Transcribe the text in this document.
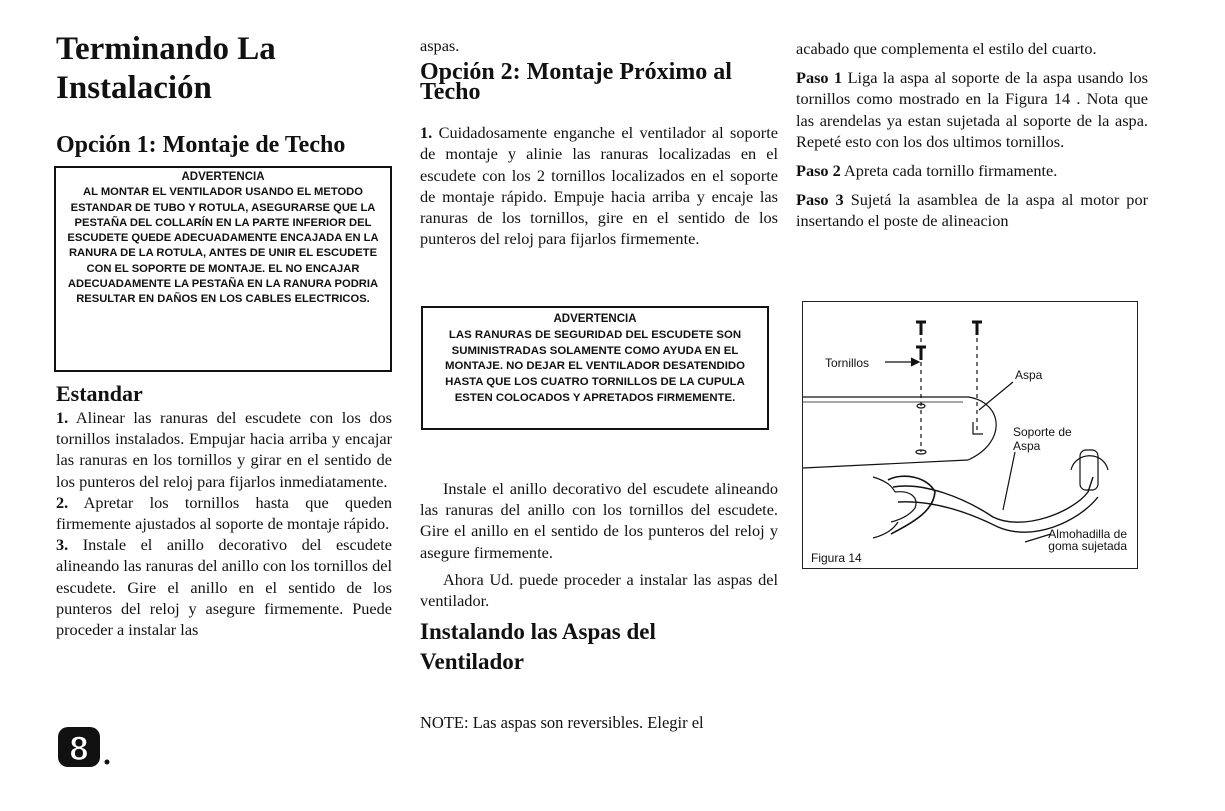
Terminando La Instalación
Opción 1: Montaje de Techo
ADVERTENCIA
AL MONTAR EL VENTILADOR USANDO EL METODO ESTANDAR DE TUBO Y ROTULA, ASEGURARSE QUE LA PESTAÑA DEL COLLARÍN EN LA PARTE INFERIOR DEL ESCUDETE QUEDE ADECUADAMENTE ENCAJADA EN LA RANURA DE LA ROTULA, ANTES DE UNIR EL ESCUDETE CON EL SOPORTE DE MONTAJE. EL NO ENCAJAR ADECUADAMENTE LA PESTAÑA EN LA RANURA PODRIA RESULTAR EN DAÑOS EN LOS CABLES ELECTRICOS.
Estandar

1. Alinear las ranuras del escudete con los dos tornillos instalados. Empujar hacia arriba y encajar las ranuras en los tornillos y girar en el sentido de los punteros del reloj para fijarlos inmediatamente.

2. Apretar los tornillos hasta que queden firmemente ajustados al soporte de montaje rápido.

3. Instale el anillo decorativo del escudete alineando las ranuras del anillo con los tornillos del escudete. Gire el anillo en el sentido de los punteros del reloj y asegure firmemente. Puede proceder a instalar las

8

aspas.

Opción 2: Montaje Próximo al Techo

1. Cuidadosamente enganche el ventilador al soporte de montaje y alinie las ranuras localizadas en el escudete con los 2 tornillos localizados en el soporte de montaje rápido. Empuje hacia arriba y encaje las ranuras de los tornillos, gire en el sentido de los punteros del reloj para fijarlos firmemente.

ADVERTENCIA
LAS RANURAS DE SEGURIDAD DEL ESCUDETE SON SUMINISTRADAS SOLAMENTE COMO AYUDA EN EL MONTAJE. NO DEJAR EL VENTILADOR DESATENDIDO HASTA QUE LOS CUATRO TORNILLOS DE LA CUPULA ESTEN COLOCADOS Y APRETADOS FIRMEMENTE.

Instale el anillo decorativo del escudete alineando las ranuras del anillo con los tornillos del escudete. Gire el anillo en el sentido de los punteros del reloj y asegure firmemente.

Ahora Ud. puede proceder a instalar las aspas del ventilador.

Instalando las Aspas del Ventilador

NOTE: Las aspas son reversibles. Elegir el

acabado que complementa el estilo del cuarto.

Paso 1 Liga la aspa al soporte de la aspa usando los tornillos como mostrado en la Figura 14 . Nota que las arendelas ya estan sujetada al soporte de la aspa. Repeté esto con los dos ultimos tornillos.

Paso 2 Apreta cada tornillo firmamente.

Paso 3 Sujetá la asamblea de la aspa al motor por insertando el poste de alineacion

Tornillos
Aspa
Soporte de Aspa
Almohadilla de goma sujetada
Figura 14
